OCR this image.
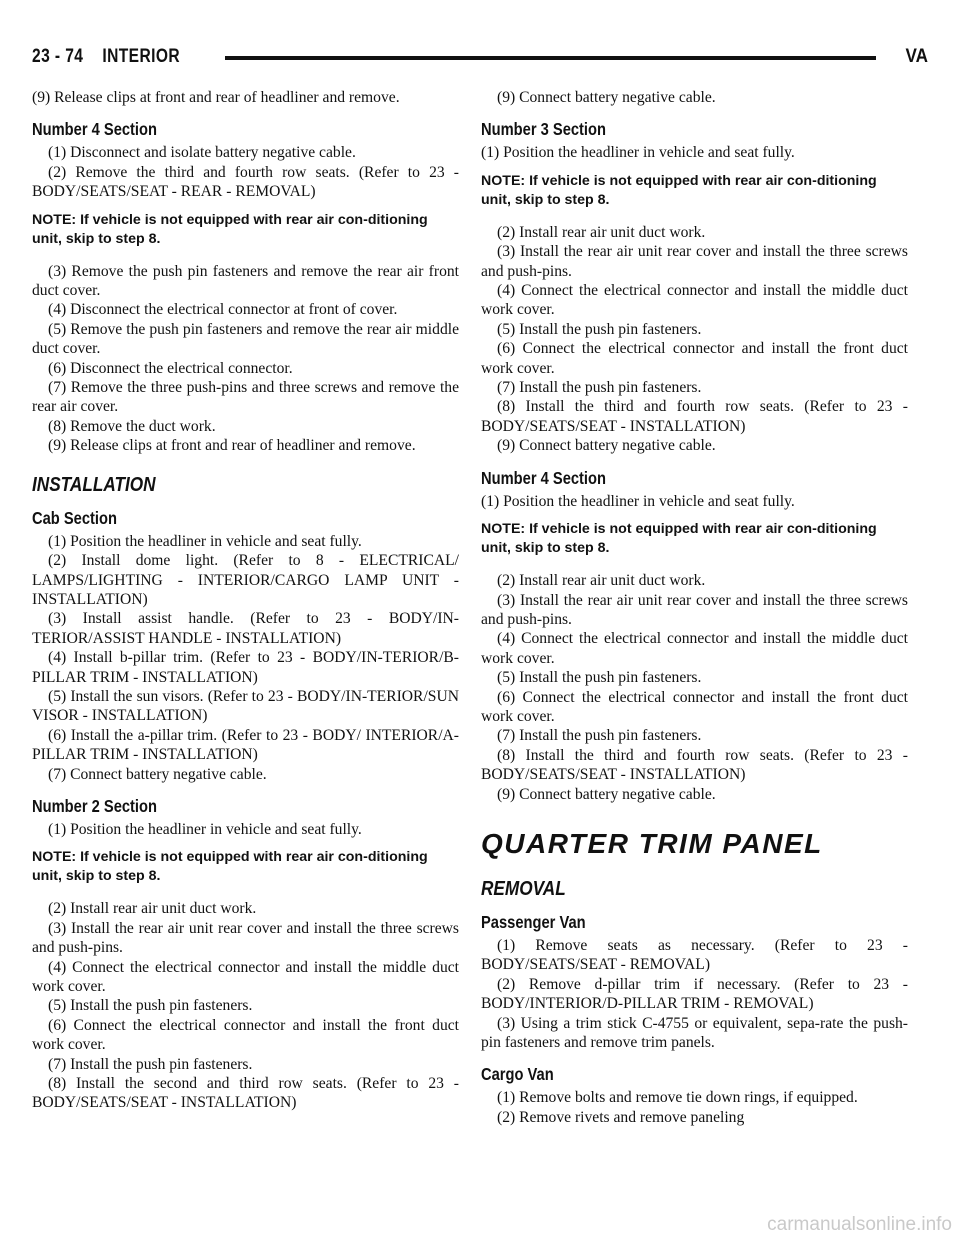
23 - 74    INTERIOR	VA

(9) Release clips at front and rear of headliner and remove.

Number 4 Section

(1) Disconnect and isolate battery negative cable.

(2) Remove the third and fourth row seats. (Refer to 23 - BODY/SEATS/SEAT - REAR - REMOVAL)

NOTE: If vehicle is not equipped with rear air con-ditioning unit, skip to step 8.

(3) Remove the push pin fasteners and remove the rear air front duct cover.

(4) Disconnect the electrical connector at front of cover.

(5) Remove the push pin fasteners and remove the rear air middle duct cover.

(6) Disconnect the electrical connector.

(7) Remove the three push-pins and three screws and remove the rear air cover.

(8) Remove the duct work.

(9) Release clips at front and rear of headliner and remove.

INSTALLATION
Cab Section

(1) Position the headliner in vehicle and seat fully.

(2) Install dome light. (Refer to 8 - ELECTRICAL/ LAMPS/LIGHTING - INTERIOR/CARGO LAMP UNIT - INSTALLATION)

(3) Install assist handle. (Refer to 23 - BODY/IN-TERIOR/ASSIST HANDLE - INSTALLATION)

(4) Install b-pillar trim. (Refer to 23 - BODY/IN-TERIOR/B-PILLAR TRIM - INSTALLATION)

(5) Install the sun visors. (Refer to 23 - BODY/IN-TERIOR/SUN VISOR - INSTALLATION)

(6) Install the a-pillar trim. (Refer to 23 - BODY/ INTERIOR/A-PILLAR TRIM - INSTALLATION)

(7) Connect battery negative cable.

Number 2 Section

(1) Position the headliner in vehicle and seat fully.

NOTE: If vehicle is not equipped with rear air con-ditioning unit, skip to step 8.

(2) Install rear air unit duct work.

(3) Install the rear air unit rear cover and install the three screws and push-pins.

(4) Connect the electrical connector and install the middle duct work cover.

(5) Install the push pin fasteners.

(6) Connect the electrical connector and install the front duct work cover.

(7) Install the push pin fasteners.

(8) Install the second and third row seats. (Refer to 23 - BODY/SEATS/SEAT - INSTALLATION)

(9) Connect battery negative cable.

Number 3 Section

(1) Position the headliner in vehicle and seat fully.

NOTE: If vehicle is not equipped with rear air con-ditioning unit, skip to step 8.

(2) Install rear air unit duct work.

(3) Install the rear air unit rear cover and install the three screws and push-pins.

(4) Connect the electrical connector and install the middle duct work cover.

(5) Install the push pin fasteners.

(6) Connect the electrical connector and install the front duct work cover.

(7) Install the push pin fasteners.

(8) Install the third and fourth row seats. (Refer to 23 - BODY/SEATS/SEAT - INSTALLATION)

(9) Connect battery negative cable.

Number 4 Section

(1) Position the headliner in vehicle and seat fully.

NOTE: If vehicle is not equipped with rear air con-ditioning unit, skip to step 8.

(2) Install rear air unit duct work.

(3) Install the rear air unit rear cover and install the three screws and push-pins.

(4) Connect the electrical connector and install the middle duct work cover.

(5) Install the push pin fasteners.

(6) Connect the electrical connector and install the front duct work cover.

(7) Install the push pin fasteners.

(8) Install the third and fourth row seats. (Refer to 23 - BODY/SEATS/SEAT - INSTALLATION)

(9) Connect battery negative cable.

QUARTER TRIM PANEL
REMOVAL
Passenger Van

(1) Remove seats as necessary. (Refer to 23 - BODY/SEATS/SEAT - REMOVAL)

(2) Remove d-pillar trim if necessary. (Refer to 23 - BODY/INTERIOR/D-PILLAR TRIM - REMOVAL)

(3) Using a trim stick C-4755 or equivalent, sepa-rate the push-pin fasteners and remove trim panels.

Cargo Van

(1) Remove bolts and remove tie down rings, if equipped.

(2) Remove rivets and remove paneling

carmanualsonline.info
